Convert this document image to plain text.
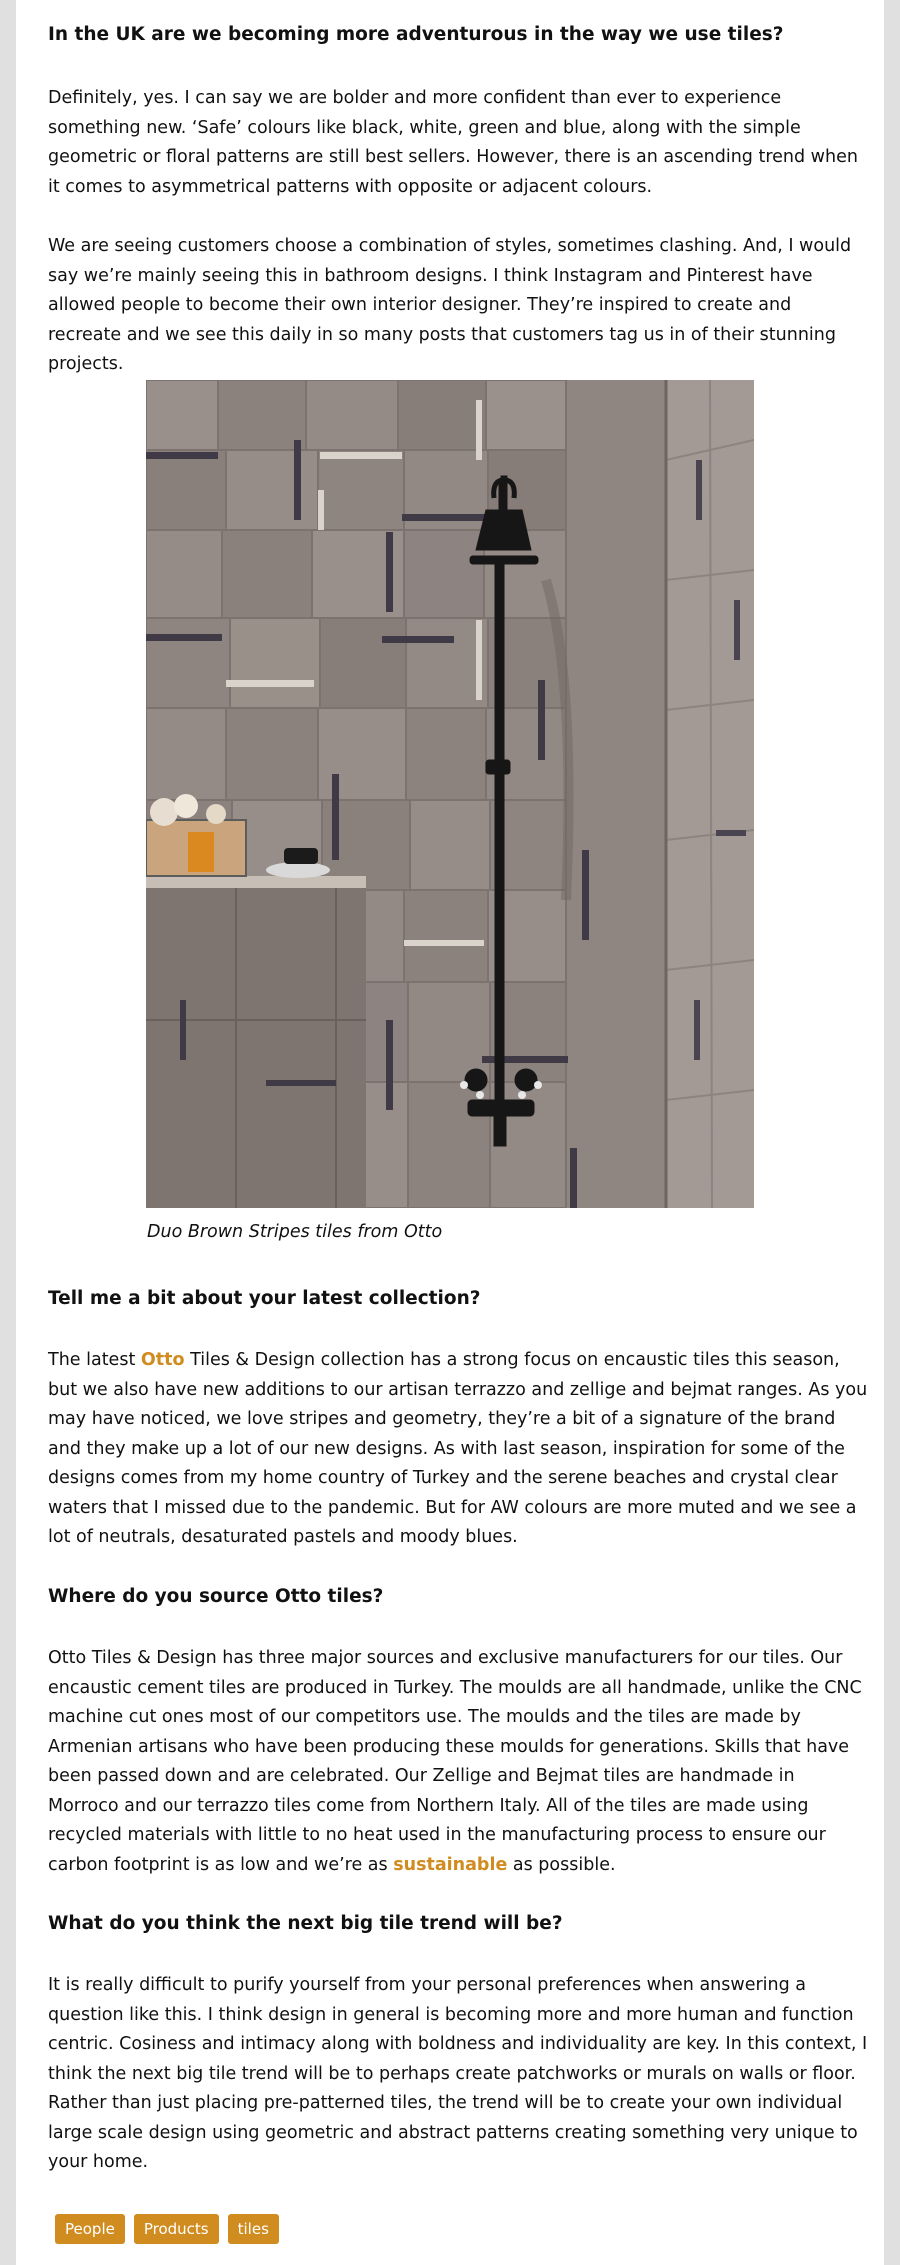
In the UK are we becoming more adventurous in the way we use tiles?

Definitely, yes. I can say we are bolder and more confident than ever to experience something new. ‘Safe’ colours like black, white, green and blue, along with the simple geometric or floral patterns are still best sellers. However, there is an ascending trend when it comes to asymmetrical patterns with opposite or adjacent colours.

We are seeing customers choose a combination of styles, sometimes clashing. And, I would say we’re mainly seeing this in bathroom designs. I think Instagram and Pinterest have allowed people to become their own interior designer. They’re inspired to create and recreate and we see this daily in so many posts that customers tag us in of their stunning projects.

Duo Brown Stripes tiles from Otto

Tell me a bit about your latest collection?

The latest Otto Tiles & Design collection has a strong focus on encaustic tiles this season, but we also have new additions to our artisan terrazzo and zellige and bejmat ranges. As you may have noticed, we love stripes and geometry, they’re a bit of a signature of the brand and they make up a lot of our new designs. As with last season, inspiration for some of the designs comes from my home country of Turkey and the serene beaches and crystal clear waters that I missed due to the pandemic. But for AW colours are more muted and we see a lot of neutrals, desaturated pastels and moody blues.

Where do you source Otto tiles?

Otto Tiles & Design has three major sources and exclusive manufacturers for our tiles. Our encaustic cement tiles are produced in Turkey. The moulds are all handmade, unlike the CNC machine cut ones most of our competitors use. The moulds and the tiles are made by Armenian artisans who have been producing these moulds for generations. Skills that have been passed down and are celebrated. Our Zellige and Bejmat tiles are handmade in Morroco and our terrazzo tiles come from Northern Italy. All of the tiles are made using recycled materials with little to no heat used in the manufacturing process to ensure our carbon footprint is as low and we’re as sustainable as possible.

What do you think the next big tile trend will be?

It is really difficult to purify yourself from your personal preferences when answering a question like this. I think design in general is becoming more and more human and function centric. Cosiness and intimacy along with boldness and individuality are key. In this context, I think the next big tile trend will be to perhaps create patchworks or murals on walls or floor. Rather than just placing pre-patterned tiles, the trend will be to create your own individual large scale design using geometric and abstract patterns creating something very unique to your home.

People	Products	tiles
